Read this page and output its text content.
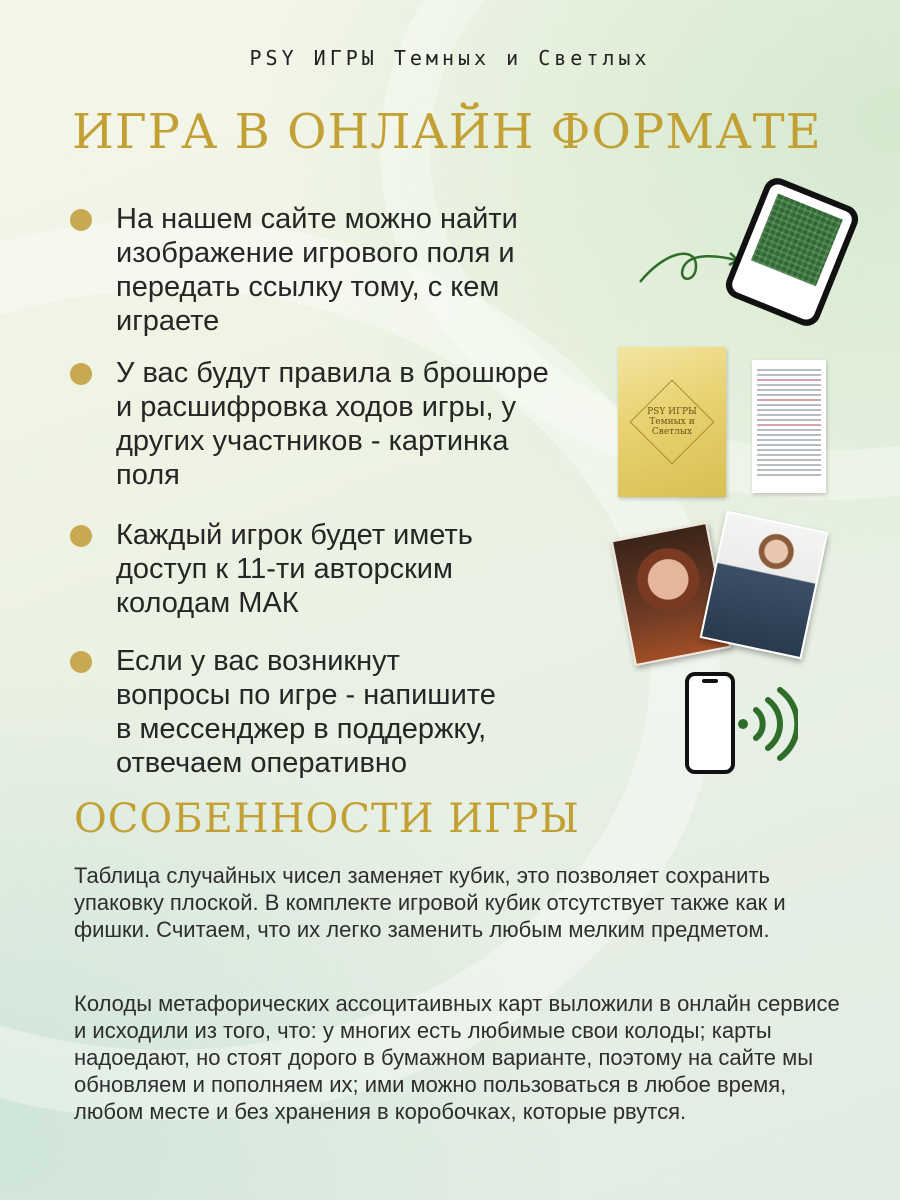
PSY ИГРЫ Темных и Светлых
ИГРА В ОНЛАЙН ФОРМАТЕ
На нашем сайте можно найти
изображение игрового поля и
передать ссылку тому, с кем
играете
У вас будут правила в брошюре
и расшифровка ходов игры, у
других участников - картинка
поля
Каждый игрок будет иметь
доступ к 11-ти авторским
колодам МАК
Если у вас возникнут
вопросы по игре - напишите
в мессенджер в поддержку,
отвечаем оперативно
PSY ИГРЫ
Темных и Светлых
ОСОБЕННОСТИ ИГРЫ
Таблица случайных чисел заменяет кубик, это позволяет сохранить упаковку плоской. В комплекте игровой кубик отсутствует также как и фишки. Считаем, что их легко заменить любым мелким предметом.
Колоды метафорических ассоцитаивных карт выложили в онлайн сервисе и исходили из того, что: у многих есть любимые свои колоды; карты надоедают, но стоят дорого в бумажном варианте, поэтому на сайте мы обновляем и пополняем их; ими можно пользоваться в любое время, любом месте и без хранения в коробочках, которые рвутся.
